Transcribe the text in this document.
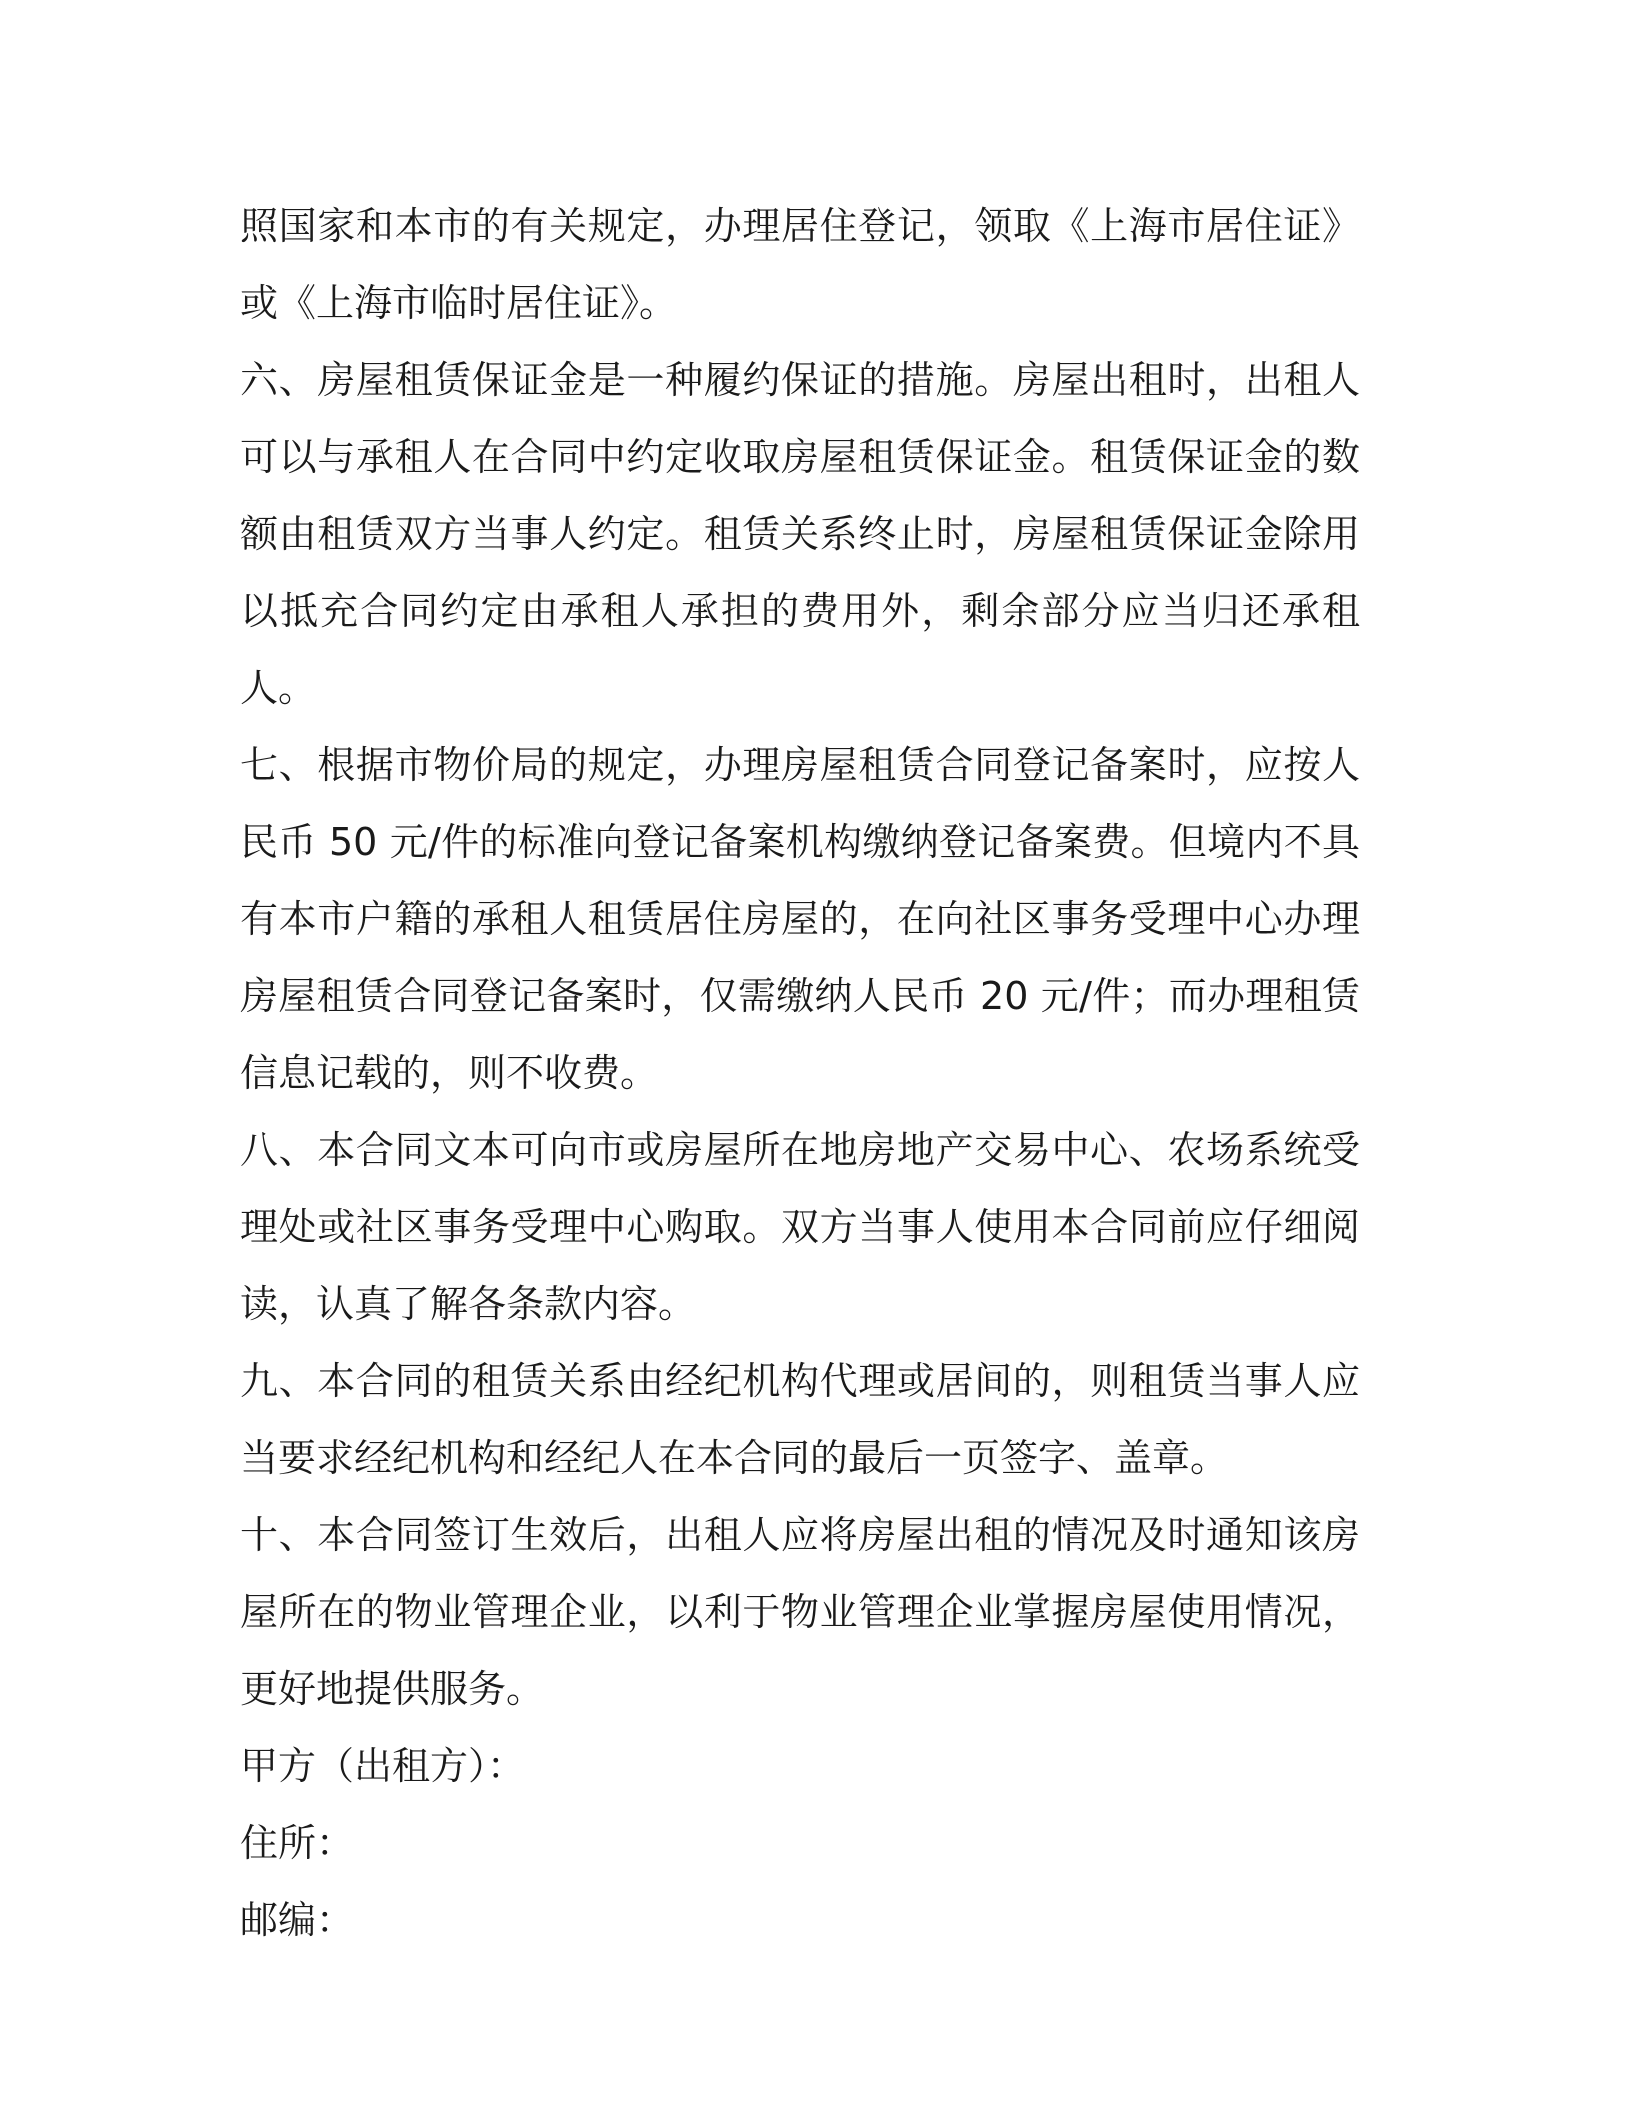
照国家和本市的有关规定，办理居住登记，领取《上海市居住证》或《上海市临时居住证》。

六、房屋租赁保证金是一种履约保证的措施。房屋出租时，出租人可以与承租人在合同中约定收取房屋租赁保证金。租赁保证金的数额由租赁双方当事人约定。租赁关系终止时，房屋租赁保证金除用以抵充合同约定由承租人承担的费用外，剩余部分应当归还承租人。

七、根据市物价局的规定，办理房屋租赁合同登记备案时，应按人民币 50 元/件的标准向登记备案机构缴纳登记备案费。但境内不具有本市户籍的承租人租赁居住房屋的，在向社区事务受理中心办理房屋租赁合同登记备案时，仅需缴纳人民币 20 元/件；而办理租赁信息记载的，则不收费。

八、本合同文本可向市或房屋所在地房地产交易中心、农场系统受理处或社区事务受理中心购取。双方当事人使用本合同前应仔细阅读，认真了解各条款内容。

九、本合同的租赁关系由经纪机构代理或居间的，则租赁当事人应当要求经纪机构和经纪人在本合同的最后一页签字、盖章。

十、本合同签订生效后，出租人应将房屋出租的情况及时通知该房屋所在的物业管理企业，以利于物业管理企业掌握房屋使用情况，更好地提供服务。

甲方（出租方）：

住所：

邮编：
